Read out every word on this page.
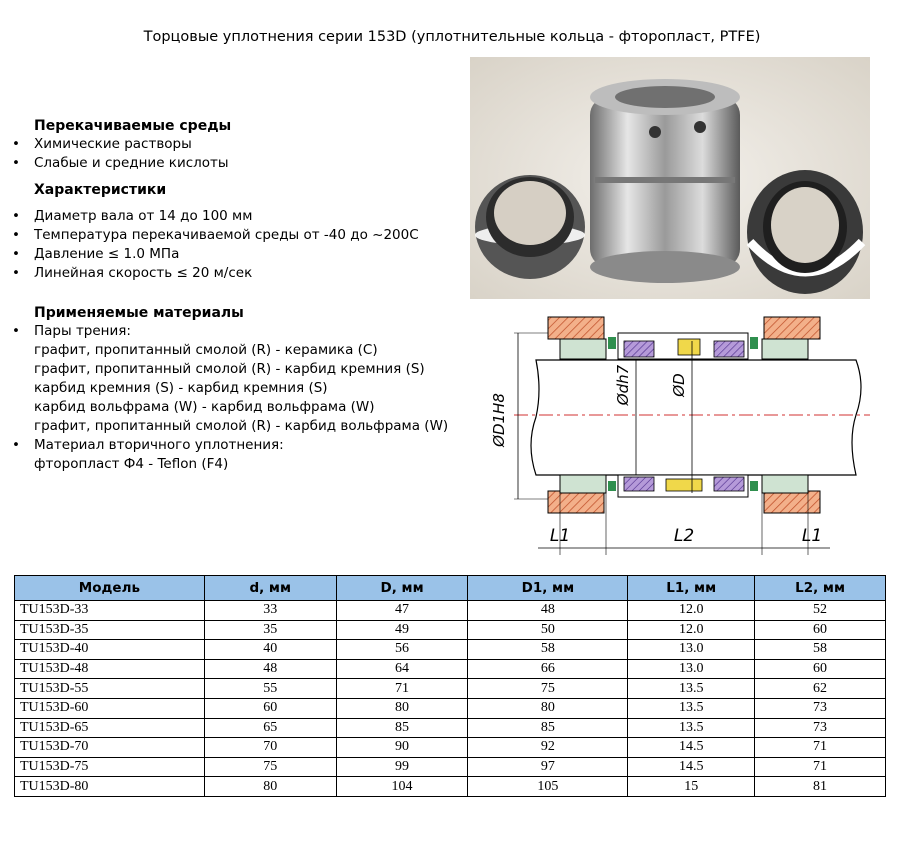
Торцовые уплотнения серии 153D (уплотнительные кольца - фторопласт, PTFE)
Перекачиваемые среды
• Химические растворы
• Слабые и средние кислоты
Характеристики
• Диаметр вала от 14 до 100 мм
• Температура перекачиваемой среды от -40 до ~200С
• Давление ≤ 1.0 МПа
• Линейная скорость ≤ 20 м/сек
Применяемые материалы
• Пары трения:
графит, пропитанный смолой (R) - керамика (C)
графит, пропитанный смолой (R) - карбид кремния (S)
карбид кремния (S) - карбид кремния (S)
карбид вольфрама (W) - карбид вольфрама (W)
графит, пропитанный смолой (R) - карбид вольфрама (W)
• Материал вторичного уплотнения:
фторопласт Ф4 - Teflon (F4)
ØD1H8
Ødh7	ØD
L1	L2	L1
Модель	d, мм	D, мм	D1, мм	L1, мм	L2, мм
TU153D-33	33	47	48	12.0	52
TU153D-35	35	49	50	12.0	60
TU153D-40	40	56	58	13.0	58
TU153D-48	48	64	66	13.0	60
TU153D-55	55	71	75	13.5	62
TU153D-60	60	80	80	13.5	73
TU153D-65	65	85	85	13.5	73
TU153D-70	70	90	92	14.5	71
TU153D-75	75	99	97	14.5	71
TU153D-80	80	104	105	15	81
